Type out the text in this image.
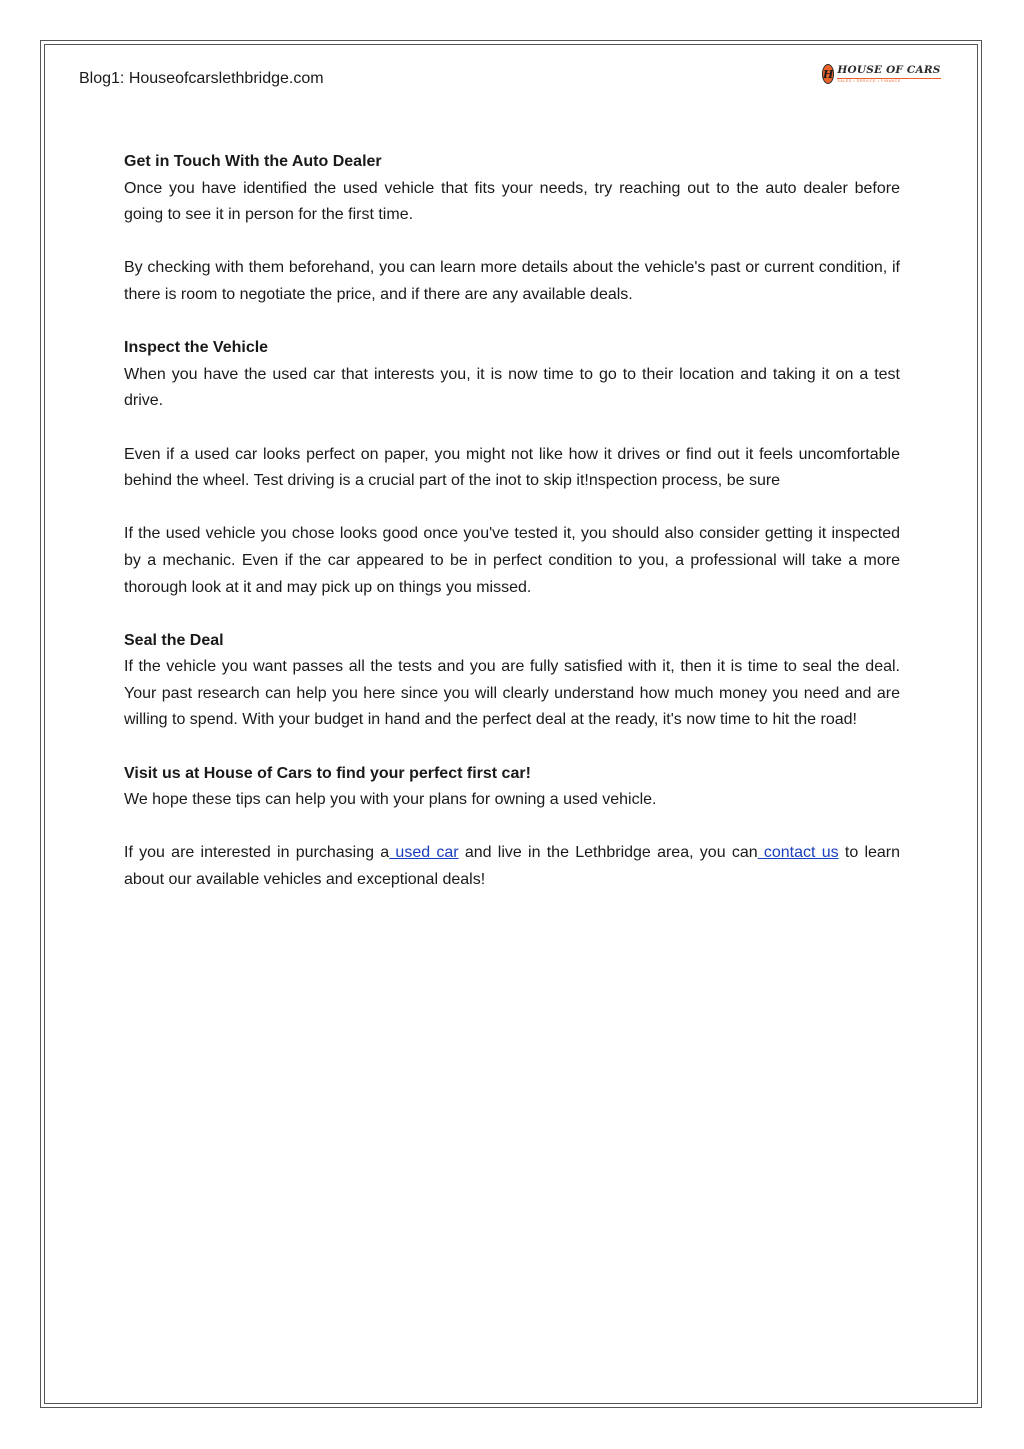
Blog1: Houseofcarslethbridge.com	H HOUSE OF CARS
SALES • SERVICE • FINANCE

Get in Touch With the Auto Dealer

Once you have identified the used vehicle that fits your needs, try reaching out to the auto dealer before going to see it in person for the first time.

By checking with them beforehand, you can learn more details about the vehicle's past or current condition, if there is room to negotiate the price, and if there are any available deals.

Inspect the Vehicle

When you have the used car that interests you, it is now time to go to their location and taking it on a test drive.

Even if a used car looks perfect on paper, you might not like how it drives or find out it feels uncomfortable behind the wheel. Test driving is a crucial part of the inot to skip it!nspection process, be sure

If the used vehicle you chose looks good once you've tested it, you should also consider getting it inspected by a mechanic. Even if the car appeared to be in perfect condition to you, a professional will take a more thorough look at it and may pick up on things you missed.

Seal the Deal

If the vehicle you want passes all the tests and you are fully satisfied with it, then it is time to seal the deal. Your past research can help you here since you will clearly understand how much money you need and are willing to spend. With your budget in hand and the perfect deal at the ready, it's now time to hit the road!

Visit us at House of Cars to find your perfect first car!

We hope these tips can help you with your plans for owning a used vehicle.

If you are interested in purchasing a used car and live in the Lethbridge area, you can contact us to learn about our available vehicles and exceptional deals!
